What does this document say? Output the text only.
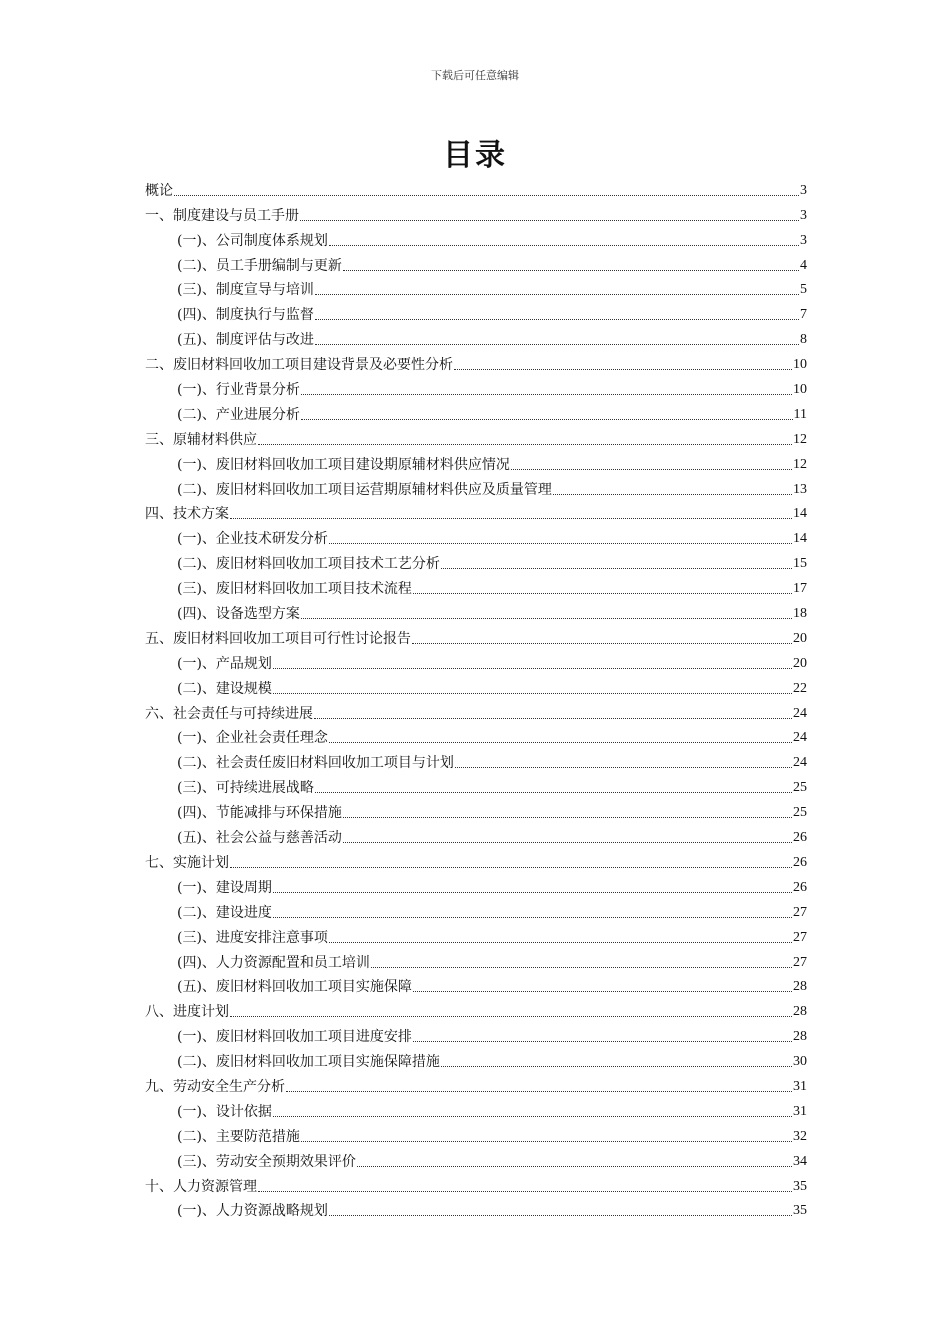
下载后可任意编辑
目录
概论	3
一、制度建设与员工手册	3
(一)、公司制度体系规划	3
(二)、员工手册编制与更新	4
(三)、制度宣导与培训	5
(四)、制度执行与监督	7
(五)、制度评估与改进	8
二、废旧材料回收加工项目建设背景及必要性分析	10
(一)、行业背景分析	10
(二)、产业进展分析	11
三、原辅材料供应	12
(一)、废旧材料回收加工项目建设期原辅材料供应情况	12
(二)、废旧材料回收加工项目运营期原辅材料供应及质量管理	13
四、技术方案	14
(一)、企业技术研发分析	14
(二)、废旧材料回收加工项目技术工艺分析	15
(三)、废旧材料回收加工项目技术流程	17
(四)、设备选型方案	18
五、废旧材料回收加工项目可行性讨论报告	20
(一)、产品规划	20
(二)、建设规模	22
六、社会责任与可持续进展	24
(一)、企业社会责任理念	24
(二)、社会责任废旧材料回收加工项目与计划	24
(三)、可持续进展战略	25
(四)、节能减排与环保措施	25
(五)、社会公益与慈善活动	26
七、实施计划	26
(一)、建设周期	26
(二)、建设进度	27
(三)、进度安排注意事项	27
(四)、人力资源配置和员工培训	27
(五)、废旧材料回收加工项目实施保障	28
八、进度计划	28
(一)、废旧材料回收加工项目进度安排	28
(二)、废旧材料回收加工项目实施保障措施	30
九、劳动安全生产分析	31
(一)、设计依据	31
(二)、主要防范措施	32
(三)、劳动安全预期效果评价	34
十、人力资源管理	35
(一)、人力资源战略规划	35
